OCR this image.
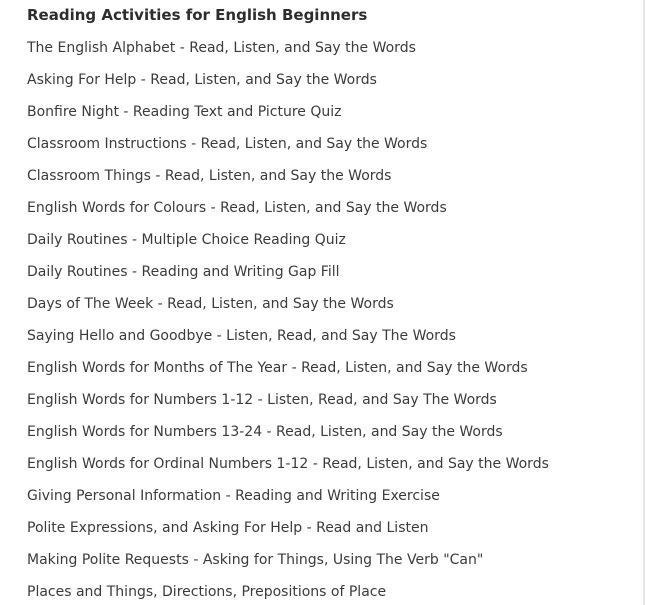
Reading Activities for English Beginners
The English Alphabet - Read, Listen, and Say the Words
Asking For Help - Read, Listen, and Say the Words
Bonfire Night - Reading Text and Picture Quiz
Classroom Instructions - Read, Listen, and Say the Words
Classroom Things - Read, Listen, and Say the Words
English Words for Colours - Read, Listen, and Say the Words
Daily Routines - Multiple Choice Reading Quiz
Daily Routines - Reading and Writing Gap Fill
Days of The Week - Read, Listen, and Say the Words
Saying Hello and Goodbye - Listen, Read, and Say The Words
English Words for Months of The Year - Read, Listen, and Say the Words
English Words for Numbers 1-12 - Listen, Read, and Say The Words
English Words for Numbers 13-24 - Read, Listen, and Say the Words
English Words for Ordinal Numbers 1-12 - Read, Listen, and Say the Words
Giving Personal Information - Reading and Writing Exercise
Polite Expressions, and Asking For Help - Read and Listen
Making Polite Requests - Asking for Things, Using The Verb "Can"
Places and Things, Directions, Prepositions of Place
